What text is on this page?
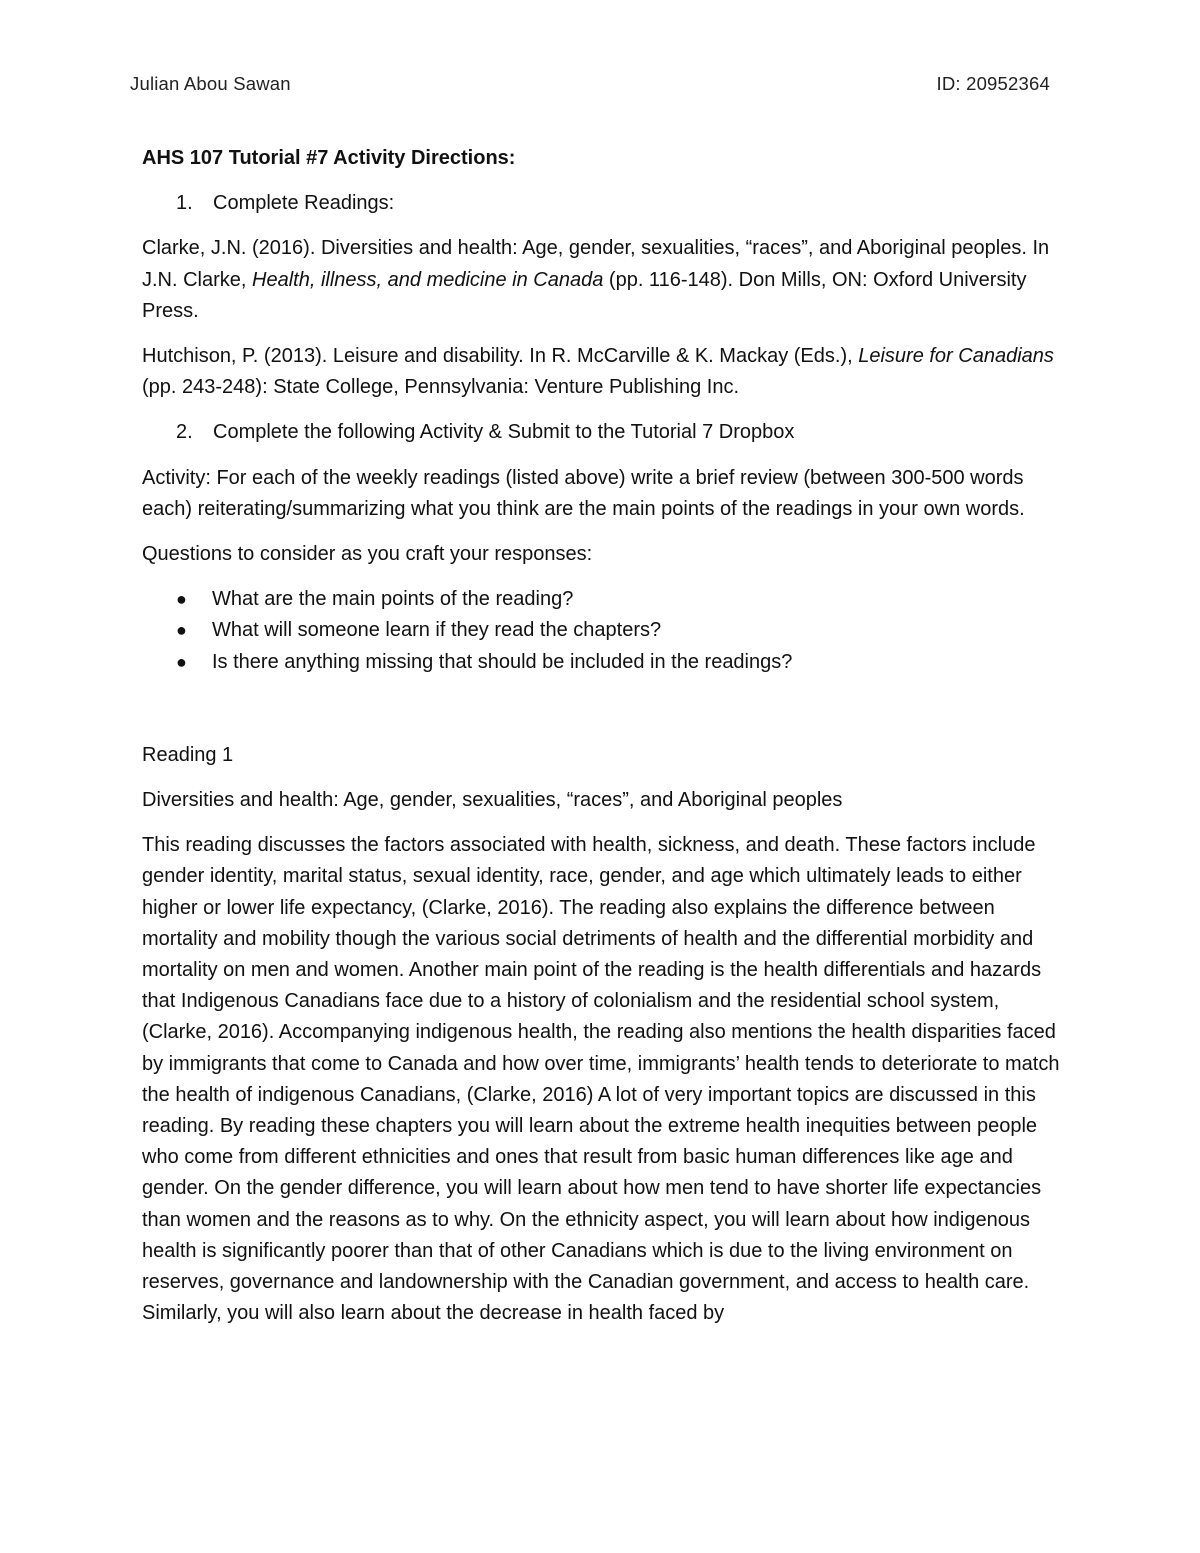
Julian Abou Sawan	ID: 20952364

AHS 107 Tutorial #7 Activity Directions:

1.	Complete Readings:

Clarke, J.N. (2016). Diversities and health: Age, gender, sexualities, “races”, and Aboriginal peoples. In J.N. Clarke, Health, illness, and medicine in Canada (pp. 116-148). Don Mills, ON: Oxford University Press.

Hutchison, P. (2013). Leisure and disability. In R. McCarville & K. Mackay (Eds.), Leisure for Canadians (pp. 243-248): State College, Pennsylvania: Venture Publishing Inc.

2.	Complete the following Activity & Submit to the Tutorial 7 Dropbox

Activity: For each of the weekly readings (listed above) write a brief review (between 300-500 words each) reiterating/summarizing what you think are the main points of the readings in your own words.

Questions to consider as you craft your responses:

●
What are the main points of the reading?
●
What will someone learn if they read the chapters?
●
Is there anything missing that should be included in the readings?

Reading 1

Diversities and health: Age, gender, sexualities, “races”, and Aboriginal peoples

This reading discusses the factors associated with health, sickness, and death. These factors include gender identity, marital status, sexual identity, race, gender, and age which ultimately leads to either higher or lower life expectancy, (Clarke, 2016). The reading also explains the difference between mortality and mobility though the various social detriments of health and the differential morbidity and mortality on men and women. Another main point of the reading is the health differentials and hazards that Indigenous Canadians face due to a history of colonialism and the residential school system, (Clarke, 2016). Accompanying indigenous health, the reading also mentions the health disparities faced by immigrants that come to Canada and how over time, immigrants’ health tends to deteriorate to match the health of indigenous Canadians, (Clarke, 2016) A lot of very important topics are discussed in this reading. By reading these chapters you will learn about the extreme health inequities between people who come from different ethnicities and ones that result from basic human differences like age and gender. On the gender difference, you will learn about how men tend to have shorter life expectancies than women and the reasons as to why. On the ethnicity aspect, you will learn about how indigenous health is significantly poorer than that of other Canadians which is due to the living environment on reserves, governance and landownership with the Canadian government, and access to health care. Similarly, you will also learn about the decrease in health faced by
